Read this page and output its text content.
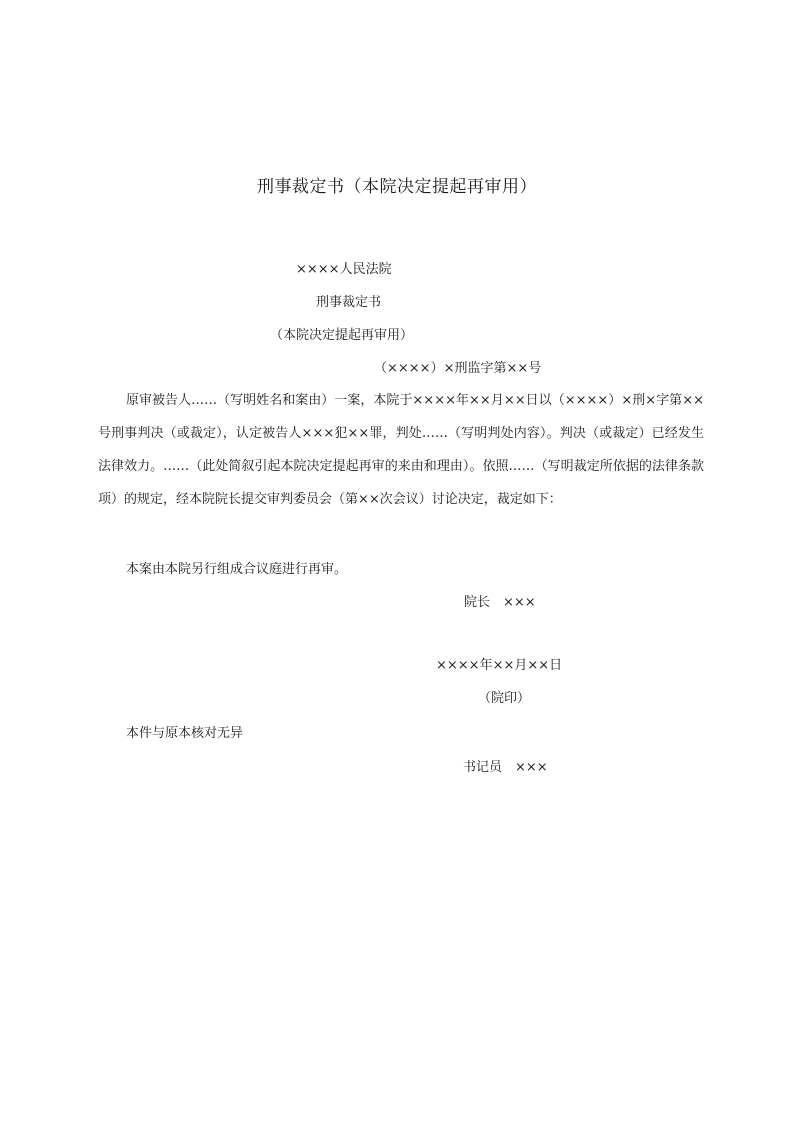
刑事裁定书（本院决定提起再审用）
××××人民法院
刑事裁定书
（本院决定提起再审用）
（××××）×刑监字第××号
原审被告人……（写明姓名和案由）一案，本院于××××年××月××日以（××××）×刑×字第××号刑事判决（或裁定），认定被告人×××犯××罪，判处……（写明判处内容）。判决（或裁定）已经发生法律效力。……（此处简叙引起本院决定提起再审的来由和理由）。依照……（写明裁定所依据的法律条款项）的规定，经本院院长提交审判委员会（第××次会议）讨论决定，裁定如下：
本案由本院另行组成合议庭进行再审。
院长　×××
××××年××月××日
（院印）
本件与原本核对无异
书记员　×××
